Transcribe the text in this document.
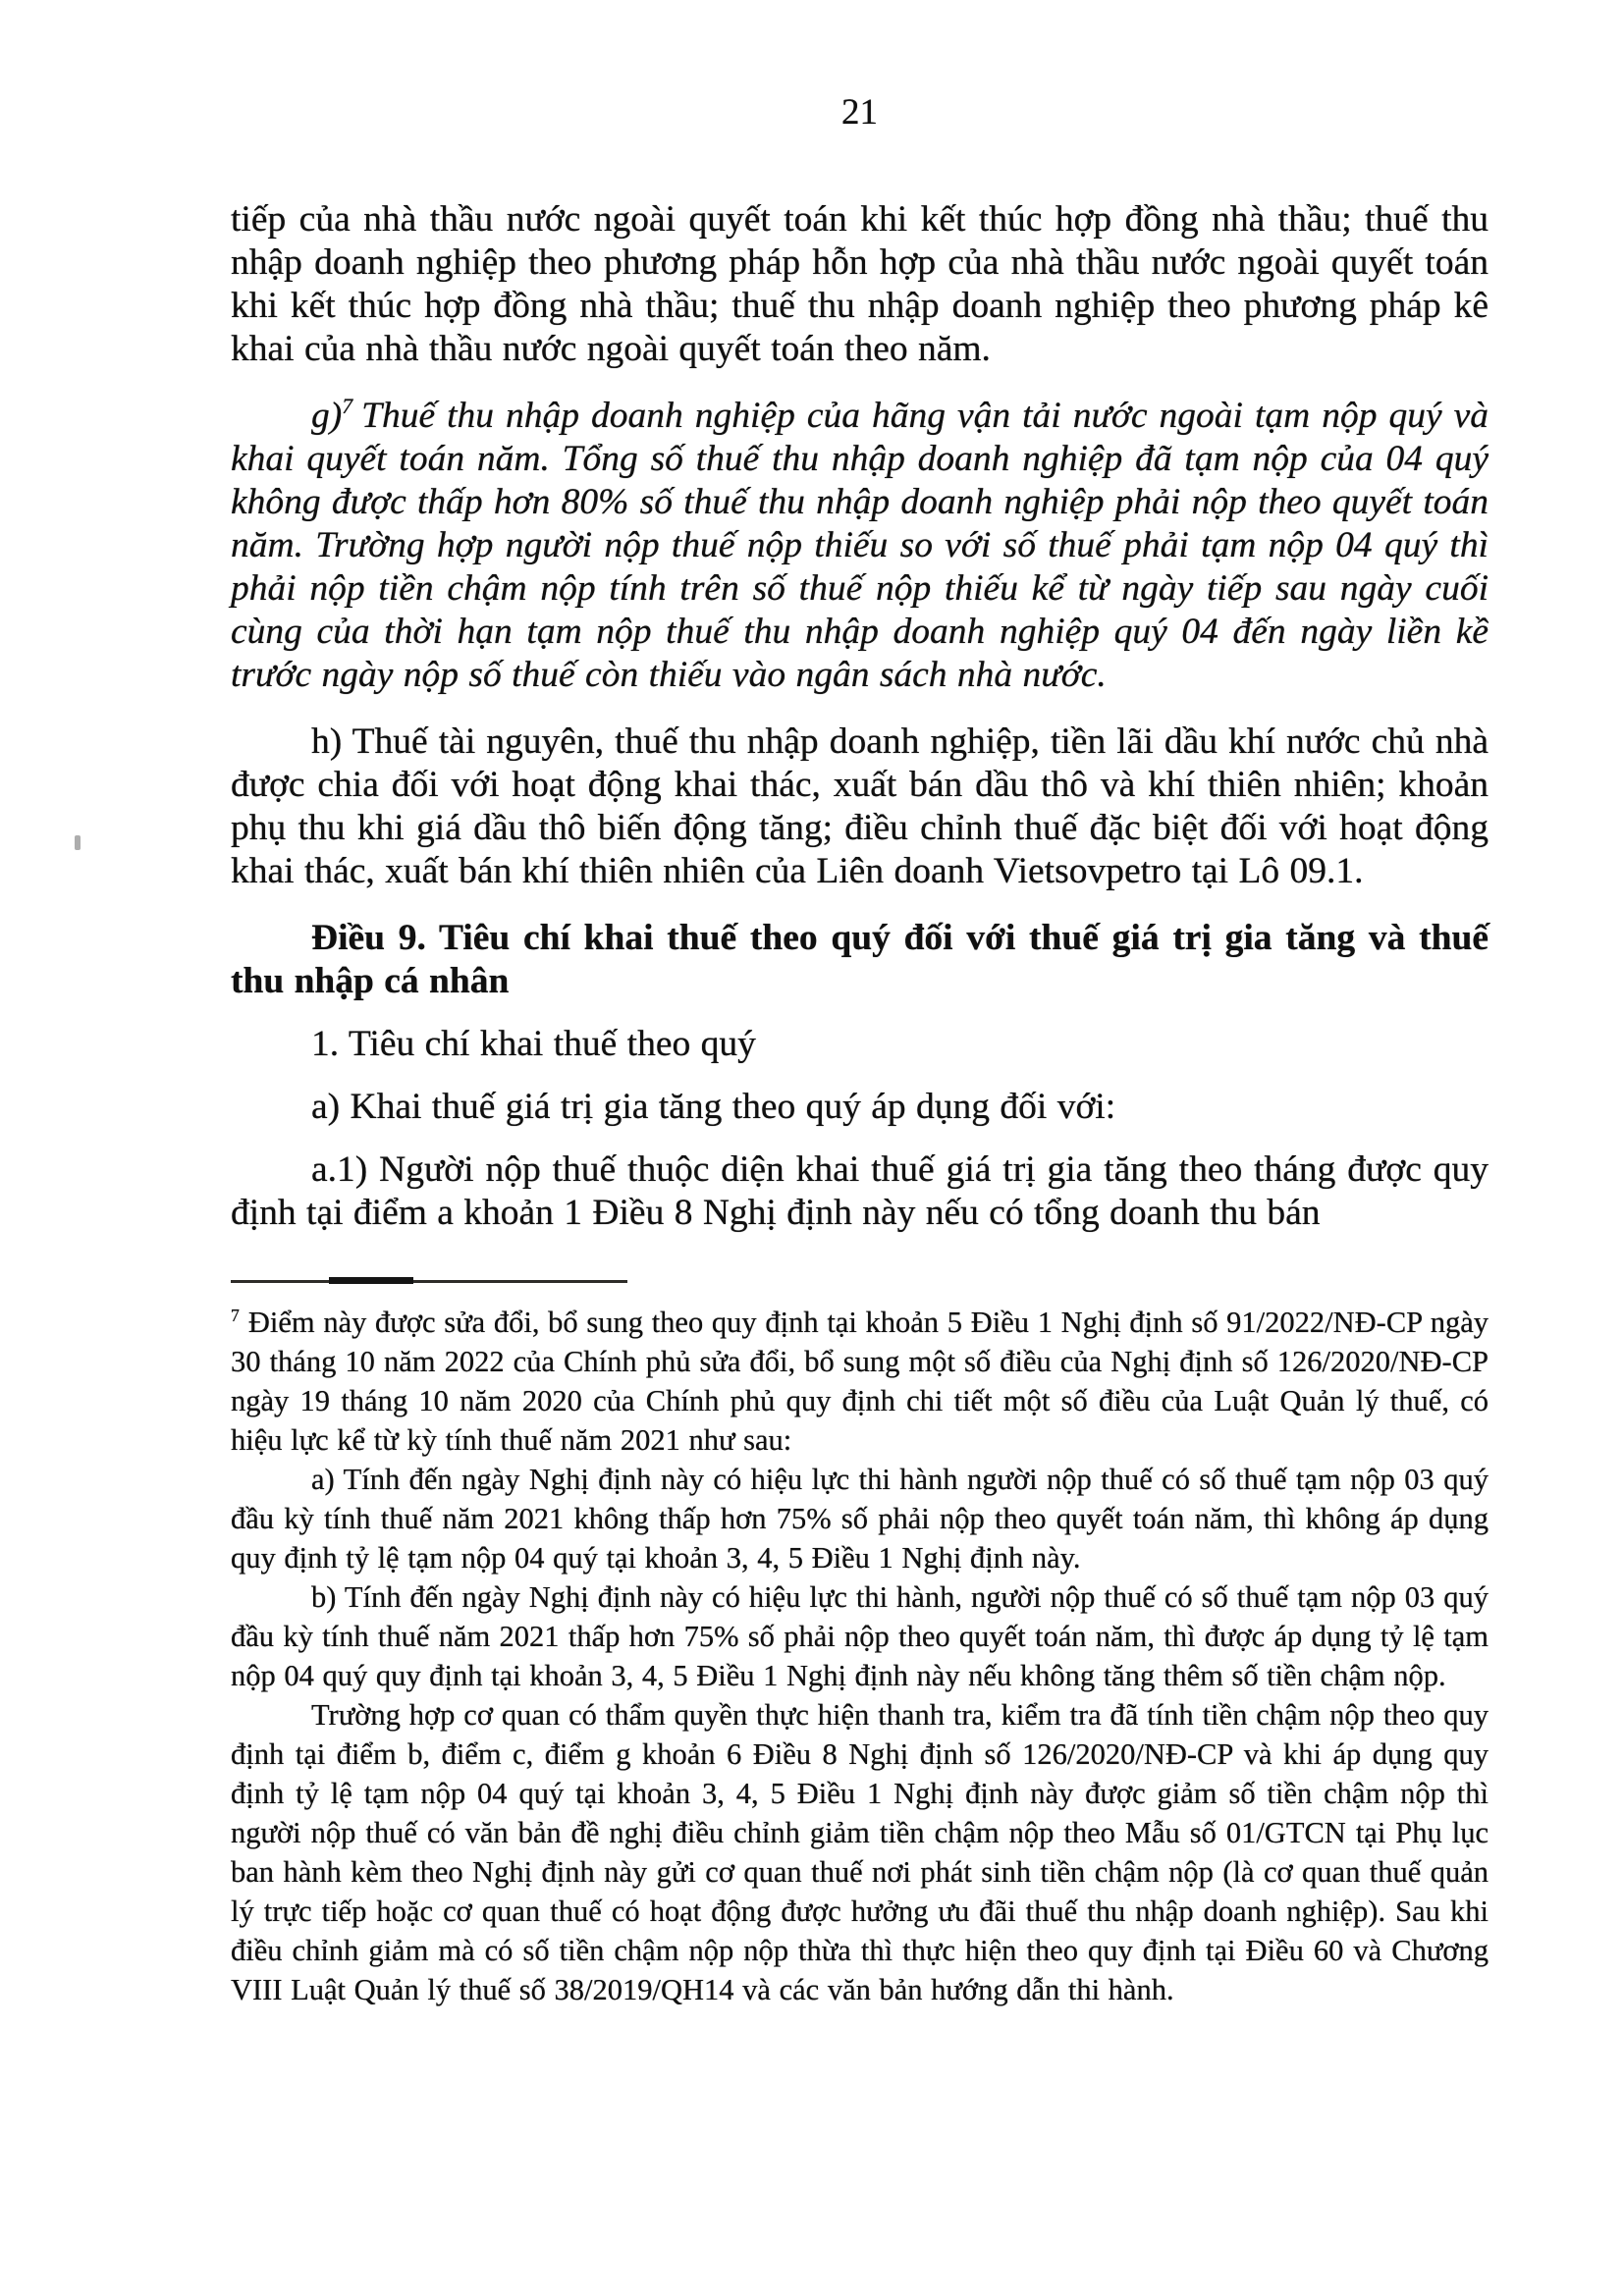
21

tiếp của nhà thầu nước ngoài quyết toán khi kết thúc hợp đồng nhà thầu; thuế thu nhập doanh nghiệp theo phương pháp hỗn hợp của nhà thầu nước ngoài quyết toán khi kết thúc hợp đồng nhà thầu; thuế thu nhập doanh nghiệp theo phương pháp kê khai của nhà thầu nước ngoài quyết toán theo năm.

g)$^7$ Thuế thu nhập doanh nghiệp của hãng vận tải nước ngoài tạm nộp quý và khai quyết toán năm. Tổng số thuế thu nhập doanh nghiệp đã tạm nộp của 04 quý không được thấp hơn 80% số thuế thu nhập doanh nghiệp phải nộp theo quyết toán năm. Trường hợp người nộp thuế nộp thiếu so với số thuế phải tạm nộp 04 quý thì phải nộp tiền chậm nộp tính trên số thuế nộp thiếu kể từ ngày tiếp sau ngày cuối cùng của thời hạn tạm nộp thuế thu nhập doanh nghiệp quý 04 đến ngày liền kề trước ngày nộp số thuế còn thiếu vào ngân sách nhà nước.

h) Thuế tài nguyên, thuế thu nhập doanh nghiệp, tiền lãi dầu khí nước chủ nhà được chia đối với hoạt động khai thác, xuất bán dầu thô và khí thiên nhiên; khoản phụ thu khi giá dầu thô biến động tăng; điều chỉnh thuế đặc biệt đối với hoạt động khai thác, xuất bán khí thiên nhiên của Liên doanh Vietsovpetro tại Lô 09.1.

Điều 9. Tiêu chí khai thuế theo quý đối với thuế giá trị gia tăng và thuế thu nhập cá nhân

1. Tiêu chí khai thuế theo quý

a) Khai thuế giá trị gia tăng theo quý áp dụng đối với:

a.1) Người nộp thuế thuộc diện khai thuế giá trị gia tăng theo tháng được quy định tại điểm a khoản 1 Điều 8 Nghị định này nếu có tổng doanh thu bán

$^7$ Điểm này được sửa đổi, bổ sung theo quy định tại khoản 5 Điều 1 Nghị định số 91/2022/NĐ-CP ngày 30 tháng 10 năm 2022 của Chính phủ sửa đổi, bổ sung một số điều của Nghị định số 126/2020/NĐ-CP ngày 19 tháng 10 năm 2020 của Chính phủ quy định chi tiết một số điều của Luật Quản lý thuế, có hiệu lực kể từ kỳ tính thuế năm 2021 như sau:

a) Tính đến ngày Nghị định này có hiệu lực thi hành người nộp thuế có số thuế tạm nộp 03 quý đầu kỳ tính thuế năm 2021 không thấp hơn 75% số phải nộp theo quyết toán năm, thì không áp dụng quy định tỷ lệ tạm nộp 04 quý tại khoản 3, 4, 5 Điều 1 Nghị định này.

b) Tính đến ngày Nghị định này có hiệu lực thi hành, người nộp thuế có số thuế tạm nộp 03 quý đầu kỳ tính thuế năm 2021 thấp hơn 75% số phải nộp theo quyết toán năm, thì được áp dụng tỷ lệ tạm nộp 04 quý quy định tại khoản 3, 4, 5 Điều 1 Nghị định này nếu không tăng thêm số tiền chậm nộp.

Trường hợp cơ quan có thẩm quyền thực hiện thanh tra, kiểm tra đã tính tiền chậm nộp theo quy định tại điểm b, điểm c, điểm g khoản 6 Điều 8 Nghị định số 126/2020/NĐ-CP và khi áp dụng quy định tỷ lệ tạm nộp 04 quý tại khoản 3, 4, 5 Điều 1 Nghị định này được giảm số tiền chậm nộp thì người nộp thuế có văn bản đề nghị điều chỉnh giảm tiền chậm nộp theo Mẫu số 01/GTCN tại Phụ lục ban hành kèm theo Nghị định này gửi cơ quan thuế nơi phát sinh tiền chậm nộp (là cơ quan thuế quản lý trực tiếp hoặc cơ quan thuế có hoạt động được hưởng ưu đãi thuế thu nhập doanh nghiệp). Sau khi điều chỉnh giảm mà có số tiền chậm nộp nộp thừa thì thực hiện theo quy định tại Điều 60 và Chương VIII Luật Quản lý thuế số 38/2019/QH14 và các văn bản hướng dẫn thi hành.
